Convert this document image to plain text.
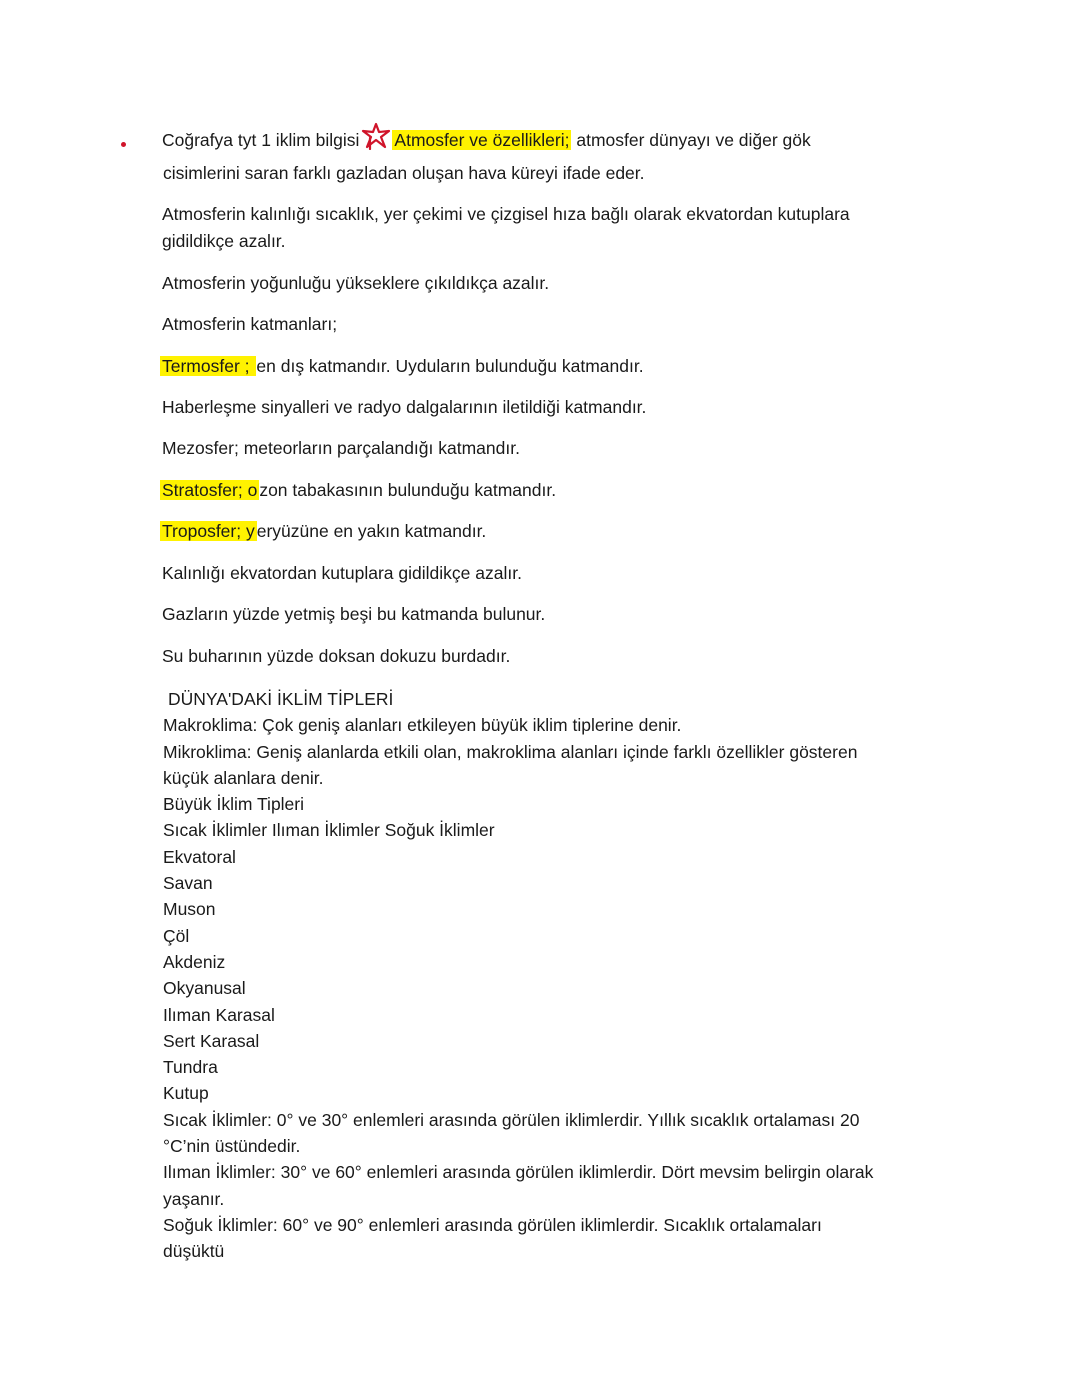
Coğrafya tyt 1 iklim bilgisi Atmosfer ve özellikleri; atmosfer dünyayı ve diğer gök

cisimlerini saran farklı gazladan oluşan hava küreyi ifade eder.

Atmosferin kalınlığı sıcaklık, yer çekimi ve çizgisel hıza bağlı olarak ekvatordan kutuplara

gidildikçe azalır.

Atmosferin yoğunluğu yükseklere çıkıldıkça azalır.

Atmosferin katmanları;

Termosfer ; en dış katmandır. Uyduların bulunduğu katmandır.

Haberleşme sinyalleri ve radyo dalgalarının iletildiği katmandır.

Mezosfer; meteorların parçalandığı katmandır.

Stratosfer; o zon tabakasının bulunduğu katmandır.

Troposfer; y eryüzüne en yakın katmandır.

Kalınlığı ekvatordan kutuplara gidildikçe azalır.

Gazların yüzde yetmiş beşi bu katmanda bulunur.

Su buharının yüzde doksan dokuzu burdadır.

DÜNYA'DAKİ İKLİM TİPLERİ
Makroklima: Çok geniş alanları etkileyen büyük iklim tiplerine denir.
Mikroklima: Geniş alanlarda etkili olan, makroklima alanları içinde farklı özellikler gösteren
küçük alanlara denir.
Büyük İklim Tipleri
Sıcak İklimler Ilıman İklimler Soğuk İklimler
Ekvatoral
Savan
Muson
Çöl
Akdeniz
Okyanusal
Ilıman Karasal
Sert Karasal
Tundra
Kutup
Sıcak İklimler: 0° ve 30° enlemleri arasında görülen iklimlerdir. Yıllık sıcaklık ortalaması 20
°C’nin üstündedir.
Ilıman İklimler: 30° ve 60° enlemleri arasında görülen iklimlerdir. Dört mevsim belirgin olarak
yaşanır.
Soğuk İklimler: 60° ve 90° enlemleri arasında görülen iklimlerdir. Sıcaklık ortalamaları
düşüktü
